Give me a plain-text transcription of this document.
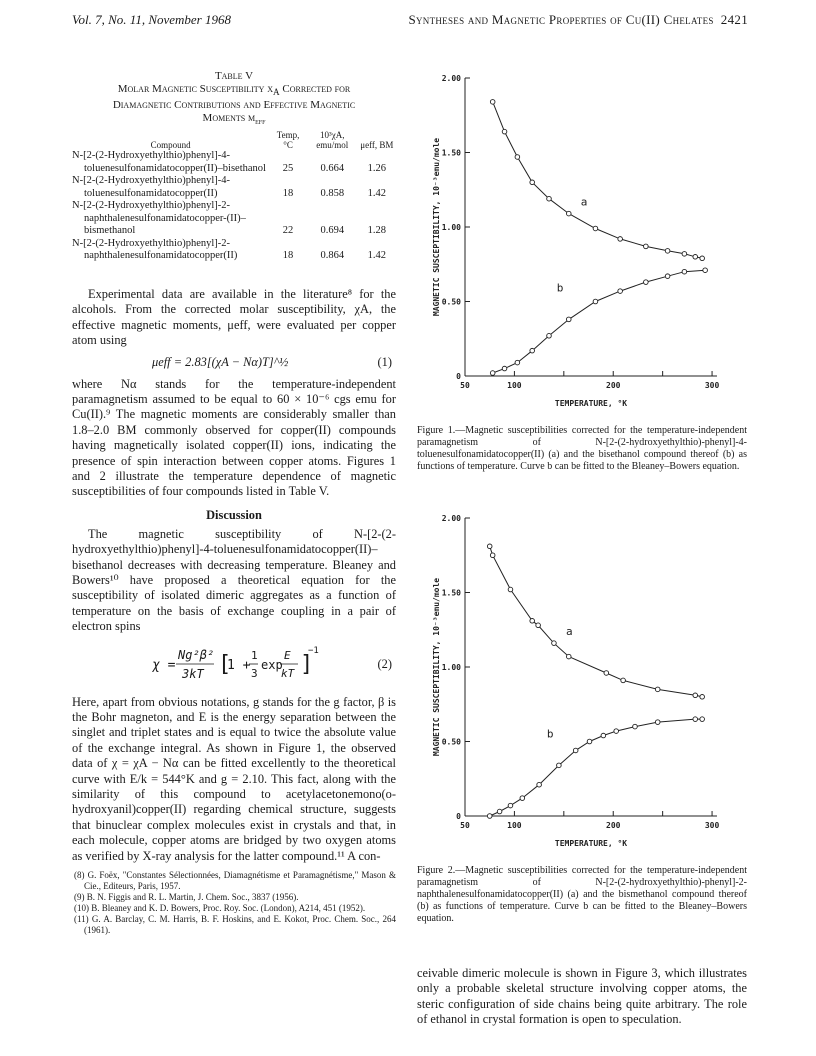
Vol. 7, No. 11, November 1968	Syntheses and Magnetic Properties of Cu(II) Chelates 2421
Table V
Molar Magnetic Susceptibility $\chi_A$ Corrected for
Diamagnetic Contributions and Effective Magnetic
Moments $\mu_{eff}$
Compound	Temp, °C	10³χA, emu/mol	μeff, BM
N-[2-(2-Hydroxyethylthio)phenyl]-4-toluenesulfonamidatocopper(II)–bisethanol	25	0.664	1.26
N-[2-(2-Hydroxyethylthio)phenyl]-4-toluenesulfonamidatocopper(II)	18	0.858	1.42
N-[2-(2-Hydroxyethylthio)phenyl]-2-naphthalenesulfonamidatocopper-(II)–bismethanol	22	0.694	1.28
N-[2-(2-Hydroxyethylthio)phenyl]-2-naphthalenesulfonamidatocopper(II)	18	0.864	1.42

Experimental data are available in the literature⁸ for the alcohols. From the corrected molar susceptibility, χA, the effective magnetic moments, μeff, were evaluated per copper atom using

μeff = 2.83[(χA − Nα)T]^½	(1)

where Nα stands for the temperature-independent paramagnetism assumed to be equal to 60 × 10⁻⁶ cgs emu for Cu(II).⁹ The magnetic moments are considerably smaller than 1.8–2.0 BM commonly observed for copper(II) compounds having magnetically isolated copper(II) ions, indicating the presence of spin interaction between copper atoms. Figures 1 and 2 illustrate the temperature dependence of magnetic susceptibilities of four compounds listed in Table V.

Discussion

The magnetic susceptibility of N-[2-(2-hydroxyethylthio)phenyl]-4-toluenesulfonamidatocopper(II)–bisethanol decreases with decreasing temperature. Bleaney and Bowers¹⁰ have proposed a theoretical equation for the susceptibility of isolated dimeric aggregates as a function of temperature on the basis of exchange coupling in a pair of electron spins

χ =
Ng²β²
3kT [
1 +
1
3
exp
E
kT ]
−1
(2)

Here, apart from obvious notations, g stands for the g factor, β is the Bohr magneton, and E is the energy separation between the singlet and triplet states and is equal to twice the absolute value of the exchange integral. As shown in Figure 1, the observed data of χ = χA − Nα can be fitted excellently to the theoretical curve with E/k = 544°K and g = 2.10. This fact, along with the similarity of this compound to acetylacetonemono(o-hydroxyanil)copper(II) regarding chemical structure, suggests that binuclear complex molecules exist in crystals and that, in each molecule, copper atoms are bridged by two oxygen atoms as verified by X-ray analysis for the latter compound.¹¹ A con-

(8) G. Foëx, "Constantes Sélectionnées, Diamagnétisme et Paramagnétisme," Mason & Cie., Editeurs, Paris, 1957.

(9) B. N. Figgis and R. L. Martin, J. Chem. Soc., 3837 (1956).

(10) B. Bleaney and K. D. Bowers, Proc. Roy. Soc. (London), A214, 451 (1952).

(11) G. A. Barclay, C. M. Harris, B. F. Hoskins, and E. Kokot, Proc. Chem. Soc., 264 (1961).

0
0.50
1.00
1.50
2.00
50	100	200	300
TEMPERATURE, °K
MAGNETIC SUSCEPTIBILITY, 10⁻³emu/mole	a
b

Figure 1.—Magnetic susceptibilities corrected for the temperature-independent paramagnetism of N-[2-(2-hydroxyethylthio)-phenyl]-4-toluenesulfonamidatocopper(II) (a) and the bisethanol compound thereof (b) as functions of temperature. Curve b can be fitted to the Bleaney–Bowers equation.

0
0.50
1.00
1.50
2.00
50	100	200	300
TEMPERATURE, °K
MAGNETIC SUSCEPTIBILITY, 10⁻³emu/mole	a
b

Figure 2.—Magnetic susceptibilities corrected for the temperature-independent paramagnetism of N-[2-(2-hydroxyethylthio)-phenyl]-2-naphthalenesulfonamidatocopper(II) (a) and the bismethanol compound thereof (b) as functions of temperature. Curve b can be fitted to the Bleaney–Bowers equation.

ceivable dimeric molecule is shown in Figure 3, which illustrates only a probable skeletal structure involving copper atoms, the steric configuration of side chains being quite arbitrary. The role of ethanol in crystal formation is open to speculation.
